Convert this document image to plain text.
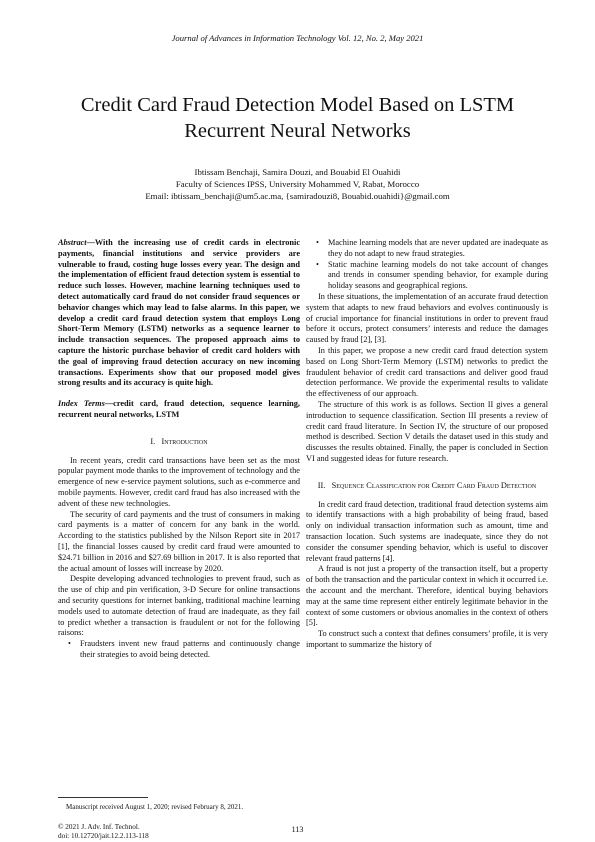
Journal of Advances in Information Technology Vol. 12, No. 2, May 2021
Credit Card Fraud Detection Model Based on LSTM Recurrent Neural Networks
Ibtissam Benchaji, Samira Douzi, and Bouabid El Ouahidi
Faculty of Sciences IPSS, University Mohammed V, Rabat, Morocco
Email: ibtissam_benchaji@um5.ac.ma, {samiradouzi8, Bouabid.ouahidi}@gmail.com

Abstract—With the increasing use of credit cards in electronic payments, financial institutions and service providers are vulnerable to fraud, costing huge losses every year. The design and the implementation of efficient fraud detection system is essential to reduce such losses. However, machine learning techniques used to detect automatically card fraud do not consider fraud sequences or behavior changes which may lead to false alarms. In this paper, we develop a credit card fraud detection system that employs Long Short-Term Memory (LSTM) networks as a sequence learner to include transaction sequences. The proposed approach aims to capture the historic purchase behavior of credit card holders with the goal of improving fraud detection accuracy on new incoming transactions. Experiments show that our proposed model gives strong results and its accuracy is quite high.

Index Terms—credit card, fraud detection, sequence learning, recurrent neural networks, LSTM

I. Introduction

In recent years, credit card transactions have been set as the most popular payment mode thanks to the improvement of technology and the emergence of new e-service payment solutions, such as e-commerce and mobile payments. However, credit card fraud has also increased with the advent of these new technologies.

The security of card payments and the trust of consumers in making card payments is a matter of concern for any bank in the world. According to the statistics published by the Nilson Report site in 2017 [1], the financial losses caused by credit card fraud were amounted to $24.71 billion in 2016 and $27.69 billion in 2017. It is also reported that the actual amount of losses will increase by 2020.

Despite developing advanced technologies to prevent fraud, such as the use of chip and pin verification, 3-D Secure for online transactions and security questions for internet banking, traditional machine learning models used to automate detection of fraud are inadequate, as they fail to predict whether a transaction is fraudulent or not for the following raisons:

• Fraudsters invent new fraud patterns and continuously change their strategies to avoid being detected.
• Machine learning models that are never updated are inadequate as they do not adapt to new fraud strategies.
• Static machine learning models do not take account of changes and trends in consumer spending behavior, for example during holiday seasons and geographical regions.

In these situations, the implementation of an accurate fraud detection system that adapts to new fraud behaviors and evolves continuously is of crucial importance for financial institutions in order to prevent fraud before it occurs, protect consumers’ interests and reduce the damages caused by fraud [2], [3].

In this paper, we propose a new credit card fraud detection system based on Long Short-Term Memory (LSTM) networks to predict the fraudulent behavior of credit card transactions and deliver good fraud detection performance. We provide the experimental results to validate the effectiveness of our approach.

The structure of this work is as follows. Section II gives a general introduction to sequence classification. Section III presents a review of credit card fraud literature. In Section IV, the structure of our proposed method is described. Section V details the dataset used in this study and discusses the results obtained. Finally, the paper is concluded in Section VI and suggested ideas for future research.

II. Sequence Classification for Credit Card Fraud Detection

In credit card fraud detection, traditional fraud detection systems aim to identify transactions with a high probability of being fraud, based only on individual transaction information such as amount, time and transaction location. Such systems are inadequate, since they do not consider the consumer spending behavior, which is useful to discover relevant fraud patterns [4].

A fraud is not just a property of the transaction itself, but a property of both the transaction and the particular context in which it occurred i.e. the account and the merchant. Therefore, identical buying behaviors may at the same time represent either entirely legitimate behavior in the context of some customers or obvious anomalies in the context of others [5].

To construct such a context that defines consumers’ profile, it is very important to summarize the history of

Manuscript received August 1, 2020; revised February 8, 2021.
© 2021 J. Adv. Inf. Technol.
doi: 10.12720/jait.12.2.113-118
113
